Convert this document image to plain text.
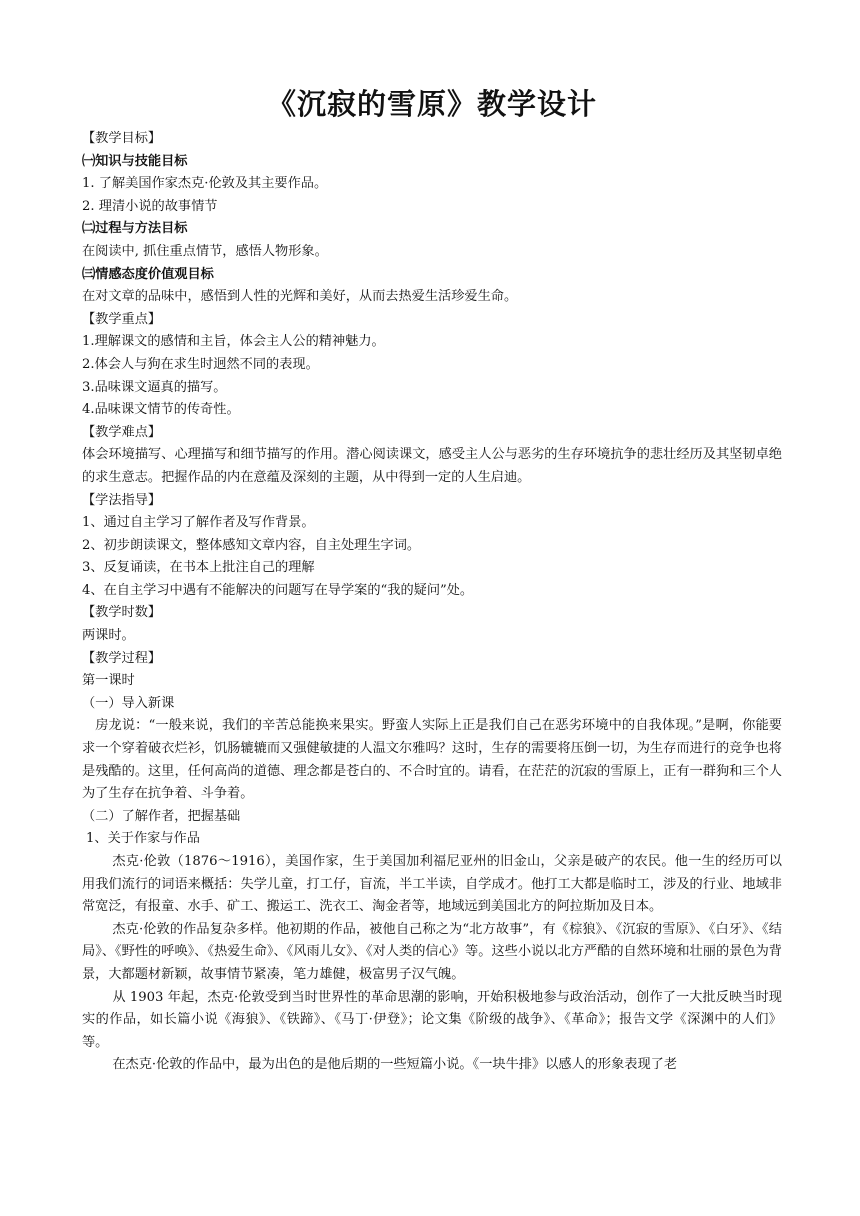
《沉寂的雪原》教学设计
【教学目标】
㈠知识与技能目标
1. 了解美国作家杰克·伦敦及其主要作品。
2. 理清小说的故事情节
㈡过程与方法目标
在阅读中, 抓住重点情节，感悟人物形象。
㈢情感态度价值观目标
在对文章的品味中，感悟到人性的光辉和美好，从而去热爱生活珍爱生命。
【教学重点】
1.理解课文的感情和主旨，体会主人公的精神魅力。
2.体会人与狗在求生时迥然不同的表现。
3.品味课文逼真的描写。
4.品味课文情节的传奇性。
【教学难点】
体会环境描写、心理描写和细节描写的作用。潜心阅读课文，感受主人公与恶劣的生存环境抗争的悲壮经历及其坚韧卓绝的求生意志。把握作品的内在意蕴及深刻的主题，从中得到一定的人生启迪。
【学法指导】
1、通过自主学习了解作者及写作背景。
2、初步朗读课文，整体感知文章内容，自主处理生字词。
3、反复诵读，在书本上批注自己的理解
4、在自主学习中遇有不能解决的问题写在导学案的“我的疑问”处。
【教学时数】
两课时。
【教学过程】
第一课时
（一）导入新课
房龙说：“一般来说，我们的辛苦总能换来果实。野蛮人实际上正是我们自己在恶劣环境中的自我体现。”是啊，你能要求一个穿着破衣烂衫，饥肠辘辘而又强健敏捷的人温文尔雅吗？这时，生存的需要将压倒一切，为生存而进行的竞争也将是残酷的。这里，任何高尚的道德、理念都是苍白的、不合时宜的。请看，在茫茫的沉寂的雪原上，正有一群狗和三个人为了生存在抗争着、斗争着。
（二）了解作者，把握基础
1、关于作家与作品
杰克·伦敦（1876～1916），美国作家，生于美国加利福尼亚州的旧金山，父亲是破产的农民。他一生的经历可以用我们流行的词语来概括：失学儿童，打工仔，盲流，半工半读，自学成才。他打工大都是临时工，涉及的行业、地域非常宽泛，有报童、水手、矿工、搬运工、洗衣工、淘金者等，地域远到美国北方的阿拉斯加及日本。
杰克·伦敦的作品复杂多样。他初期的作品，被他自己称之为“北方故事”，有《棕狼》、《沉寂的雪原》、《白牙》、《结局》、《野性的呼唤》、《热爱生命》、《风雨儿女》、《对人类的信心》等。这些小说以北方严酷的自然环境和壮丽的景色为背景，大都题材新颖，故事情节紧凑，笔力雄健，极富男子汉气魄。
从 1903 年起，杰克·伦敦受到当时世界性的革命思潮的影响，开始积极地参与政治活动，创作了一大批反映当时现实的作品，如长篇小说《海狼》、《铁蹄》、《马丁·伊登》；论文集《阶级的战争》、《革命》；报告文学《深渊中的人们》等。
在杰克·伦敦的作品中，最为出色的是他后期的一些短篇小说。《一块牛排》以感人的形象表现了老
